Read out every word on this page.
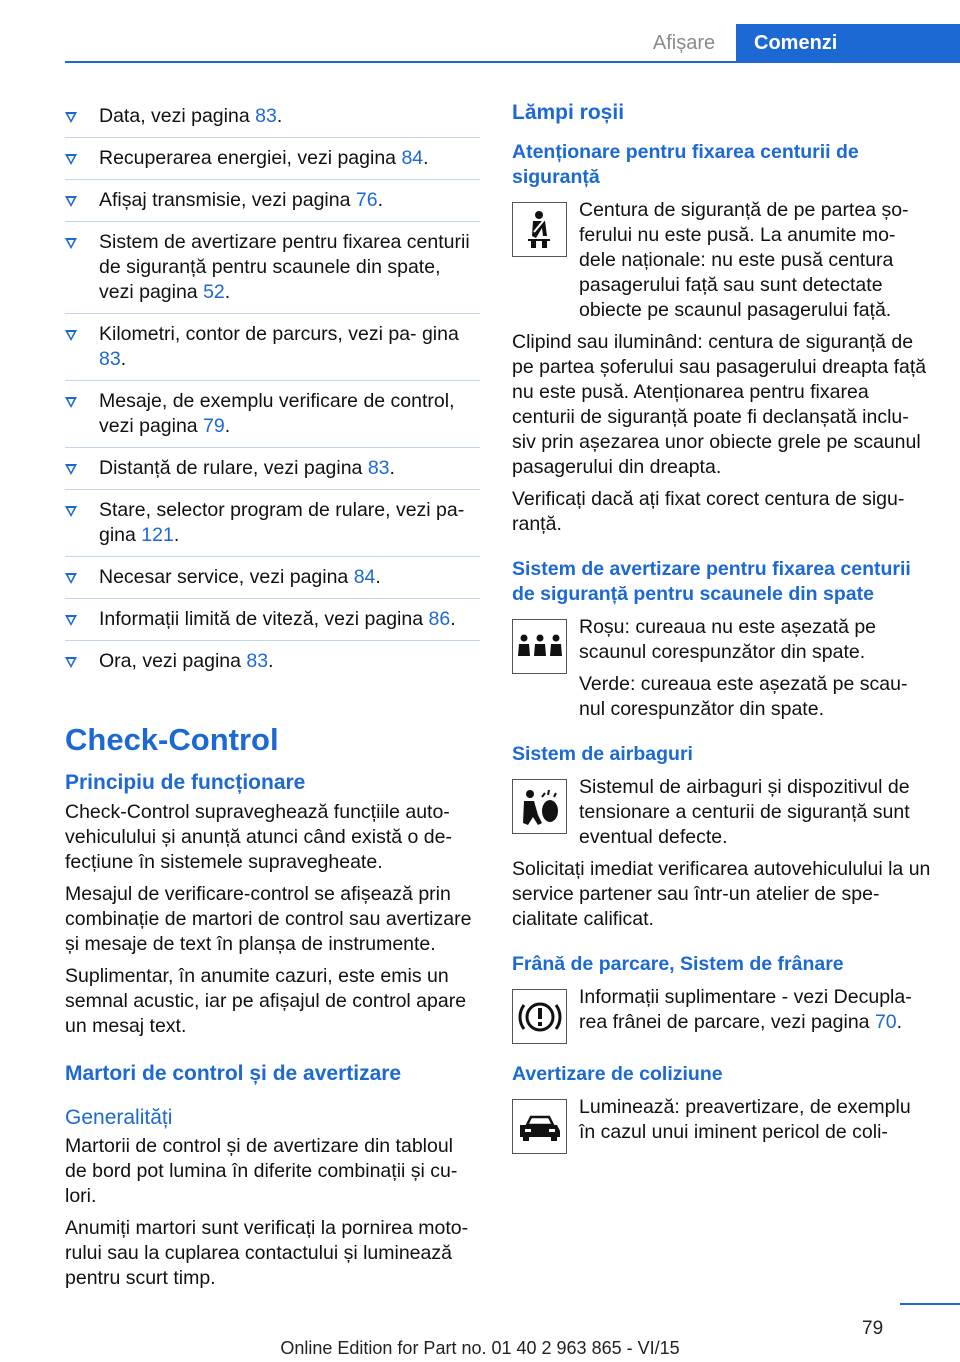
Afișare	Comenzi
Data, vezi pagina 83.
Recuperarea energiei, vezi pagina 84.
Afișaj transmisie, vezi pagina 76.
Sistem de avertizare pentru fixarea centurii de siguranță pentru scaunele din spate, vezi pagina 52.
Kilometri, contor de parcurs, vezi pa‐ gina 83.
Mesaje, de exemplu verificare de control, vezi pagina 79.
Distanță de rulare, vezi pagina 83.
Stare, selector program de rulare, vezi pa‐ gina 121.
Necesar service, vezi pagina 84.
Informații limită de viteză, vezi pagina 86.
Ora, vezi pagina 83.
Check-Control
Principiu de funcționare

Check-Control supraveghează funcțiile auto‐ vehiculului și anunță atunci când există o de‐ fecțiune în sistemele supravegheate.

Mesajul de verificare-control se afișează prin combinație de martori de control sau avertizare și mesaje de text în planșa de instrumente.

Suplimentar, în anumite cazuri, este emis un semnal acustic, iar pe afișajul de control apare un mesaj text.

Martori de control și de avertizare
Generalități

Martorii de control și de avertizare din tabloul de bord pot lumina în diferite combinații și cu‐ lori.

Anumiți martori sunt verificați la pornirea moto‐ rului sau la cuplarea contactului și luminează pentru scurt timp.

Lămpi roșii
Atenționare pentru fixarea centurii de siguranță

Centura de siguranță de pe partea șo‐ ferului nu este pusă. La anumite mo‐ dele naționale: nu este pusă centura pasagerului față sau sunt detectate obiecte pe scaunul pasagerului față.

Clipind sau iluminând: centura de siguranță de pe partea șoferului sau pasagerului dreapta față nu este pusă. Atenționarea pentru fixarea centurii de siguranță poate fi declanșată inclu‐ siv prin așezarea unor obiecte grele pe scaunul pasagerului din dreapta.

Verificați dacă ați fixat corect centura de sigu‐ ranță.

Sistem de avertizare pentru fixarea centurii de siguranță pentru scaunele din spate

Roșu: cureaua nu este așezată pe scaunul corespunzător din spate.

Verde: cureaua este așezată pe scau‐ nul corespunzător din spate.

Sistem de airbaguri

Sistemul de airbaguri și dispozitivul de tensionare a centurii de siguranță sunt eventual defecte.

Solicitați imediat verificarea autovehiculului la un service partener sau într-un atelier de spe‐ cialitate calificat.

Frână de parcare, Sistem de frânare

Informații suplimentare - vezi Decupla‐ rea frânei de parcare, vezi pagina 70.

Avertizare de coliziune

Luminează: preavertizare, de exemplu în cazul unui iminent pericol de coli‐

79
Online Edition for Part no. 01 40 2 963 865 - VI/15
